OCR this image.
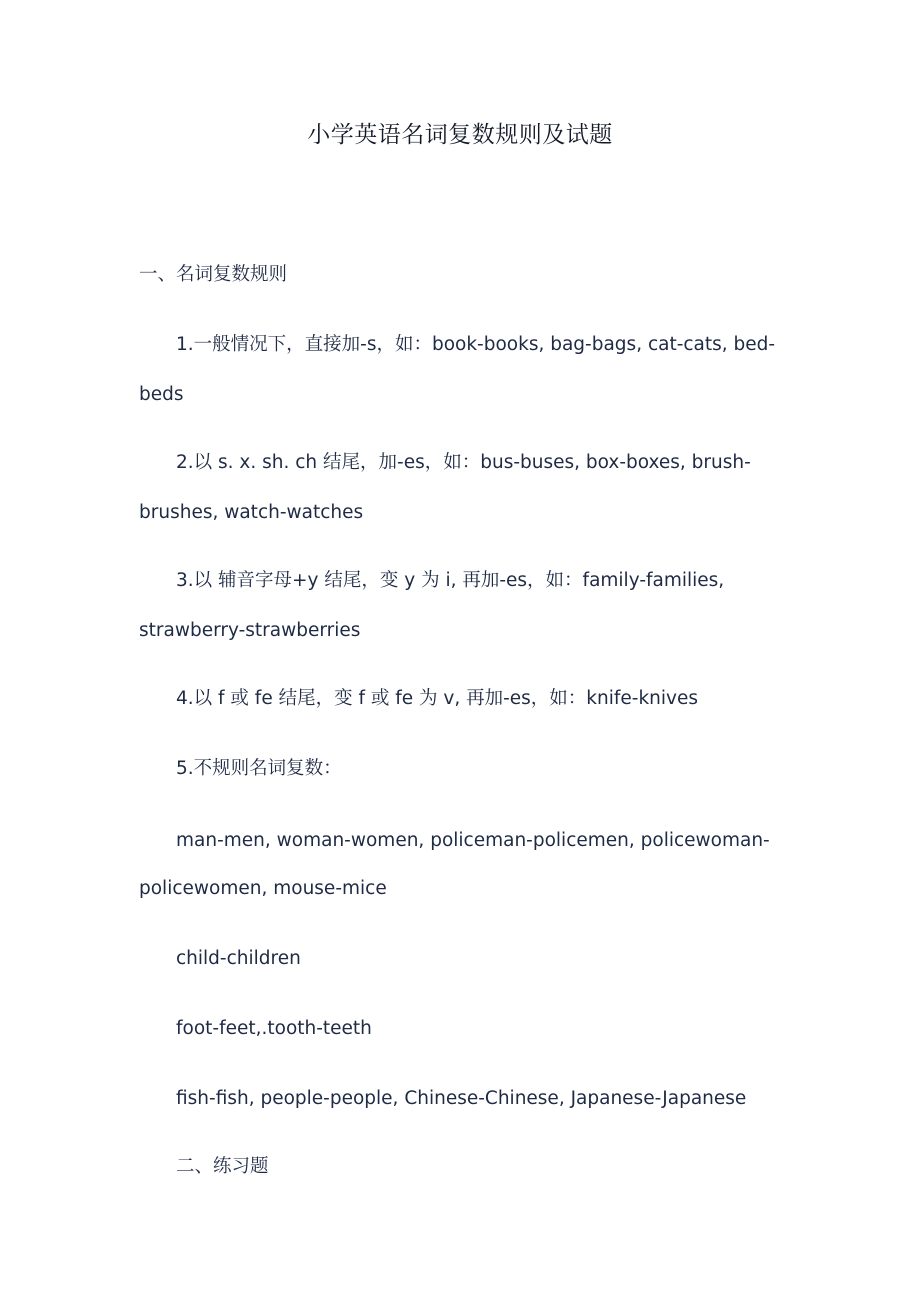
小学英语名词复数规则及试题
一、名词复数规则
1.一般情况下，直接加-s，如：book-books, bag-bags, cat-cats, bed-
beds
2.以 s. x. sh. ch 结尾，加-es，如：bus-buses, box-boxes, brush-
brushes, watch-watches
3.以 辅音字母+y 结尾，变 y 为 i, 再加-es，如：family-families,
strawberry-strawberries
4.以 f 或 fe 结尾，变 f 或 fe 为 v, 再加-es，如：knife-knives
5.不规则名词复数：
man-men, woman-women, policeman-policemen, policewoman-
policewomen, mouse-mice
child-children
foot-feet,.tooth-teeth
fish-fish, people-people, Chinese-Chinese, Japanese-Japanese
二、练习题
